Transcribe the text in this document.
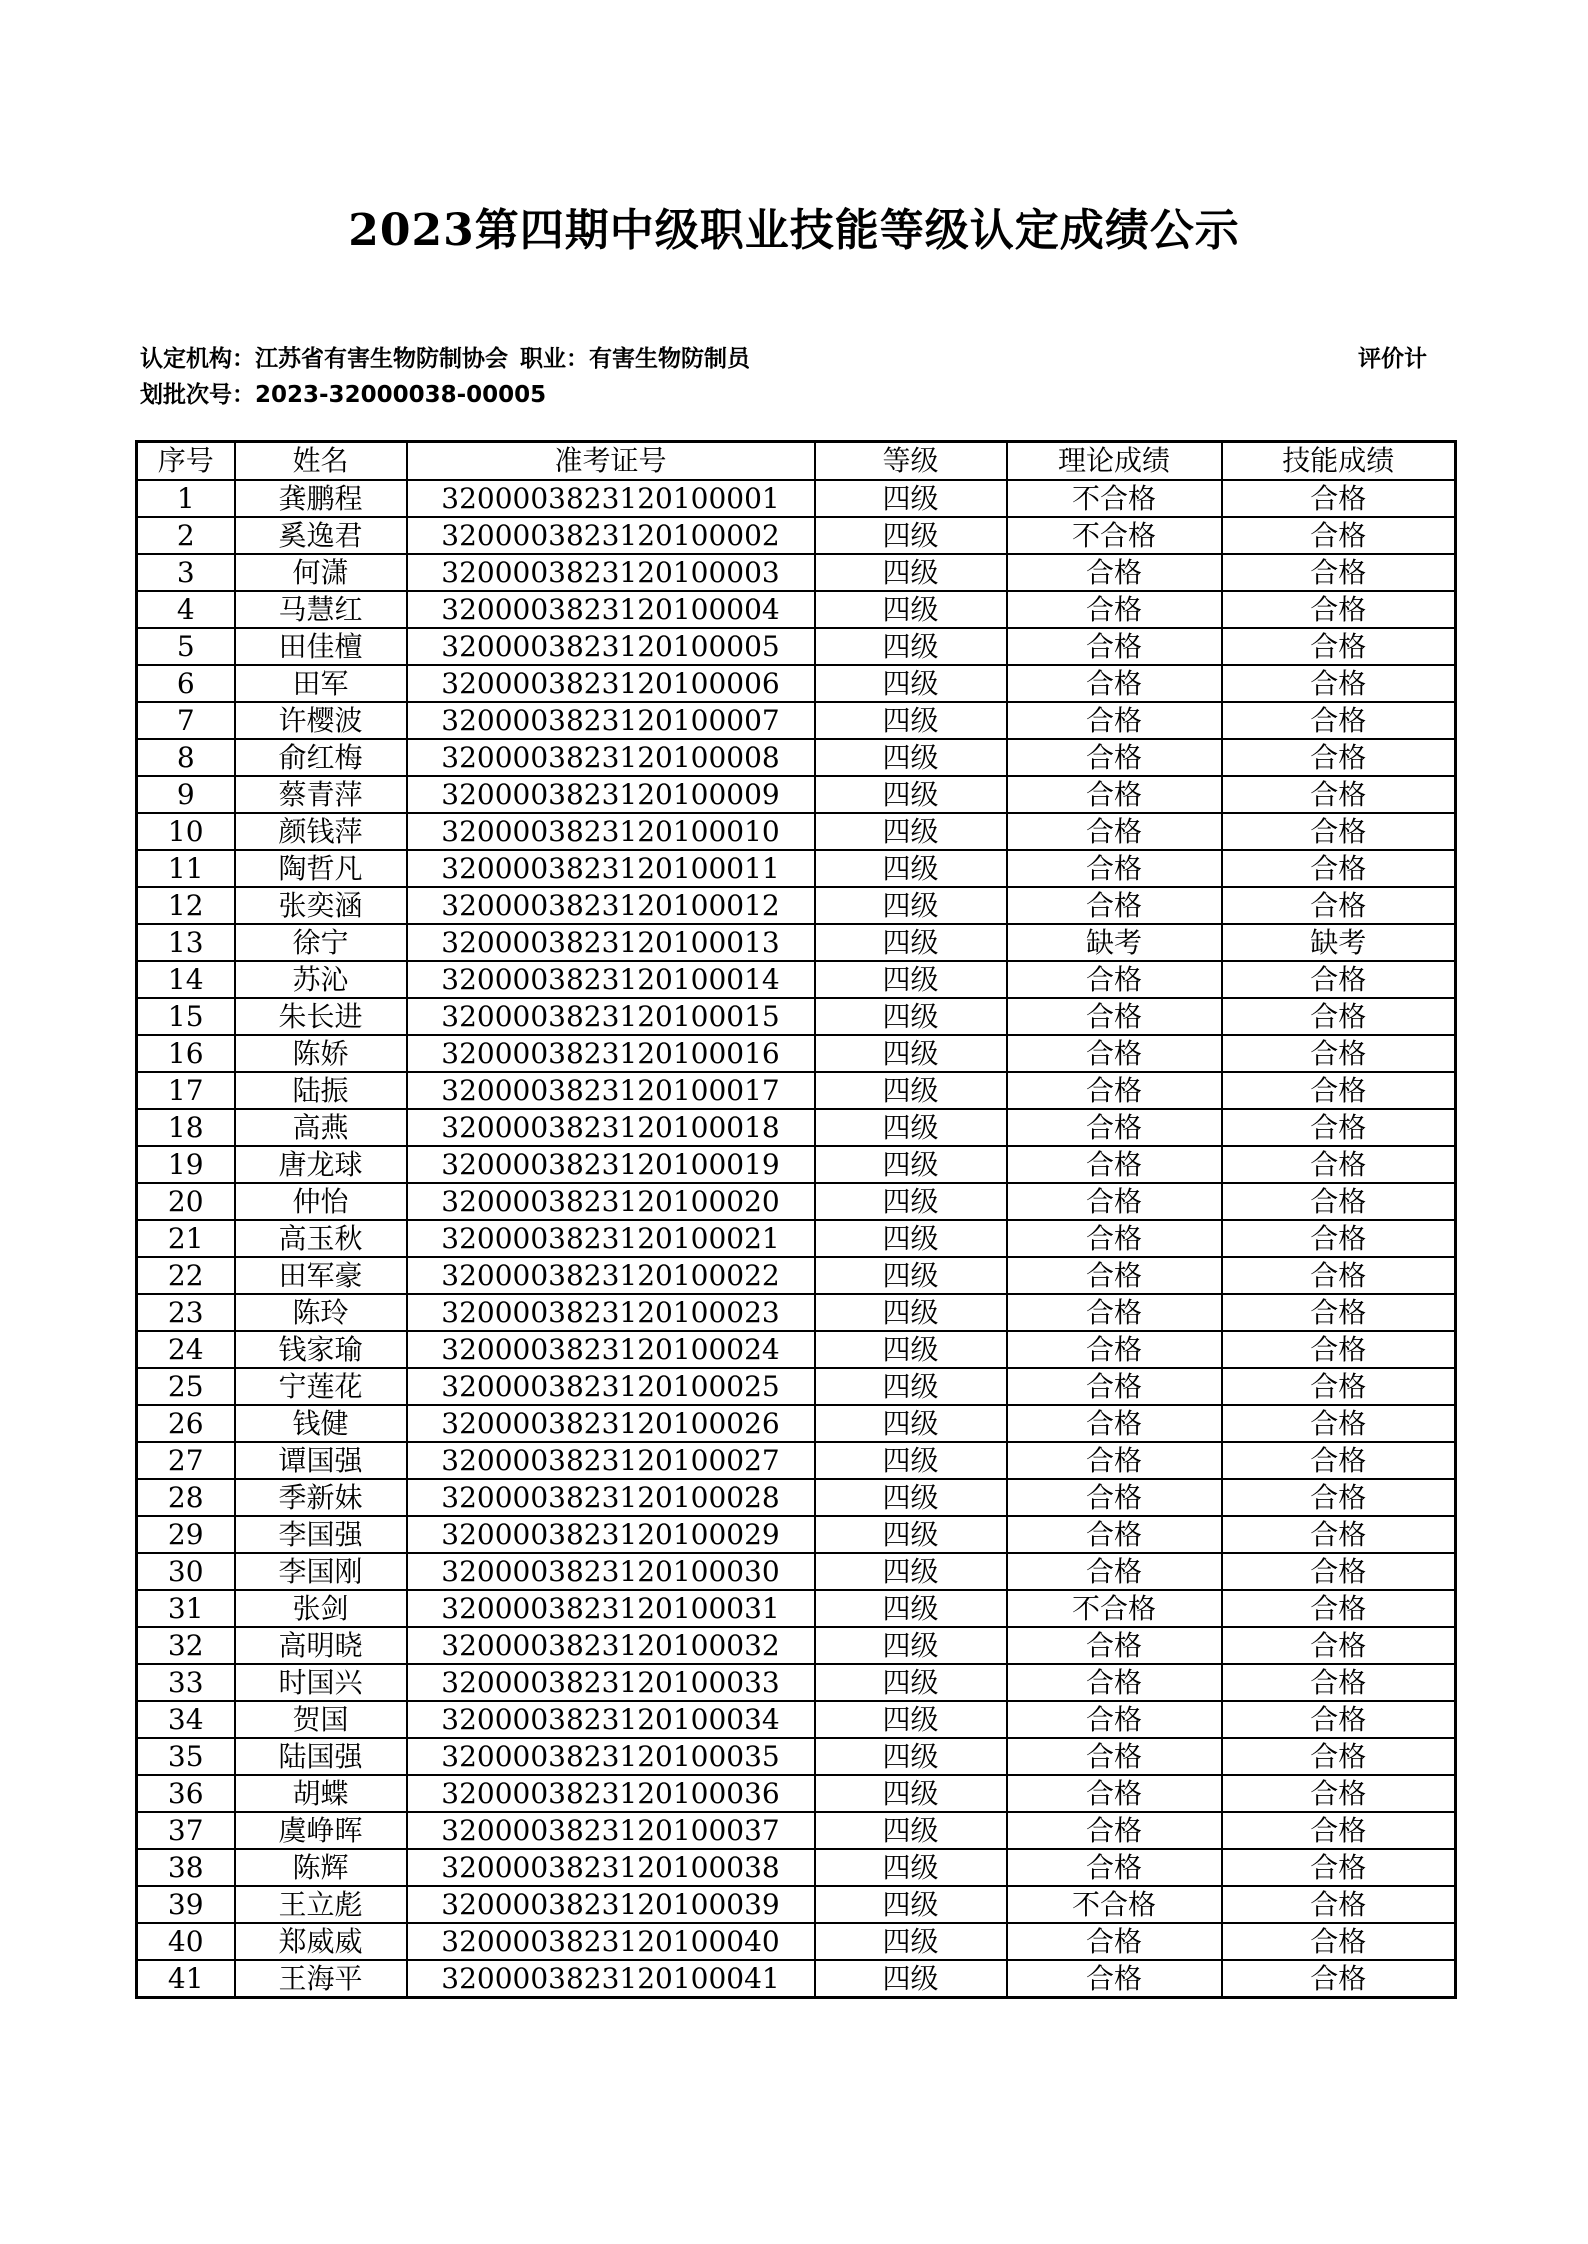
2023第四期中级职业技能等级认定成绩公示
认定机构：江苏省有害生物防制协会 职业：有害生物防制员	评价计
划批次号：2023-32000038-00005
序号	姓名	准考证号	等级	理论成绩	技能成绩
1	龚鹏程	3200003823120100001	四级	不合格	合格
2	奚逸君	3200003823120100002	四级	不合格	合格
3	何潇	3200003823120100003	四级	合格	合格
4	马慧红	3200003823120100004	四级	合格	合格
5	田佳檀	3200003823120100005	四级	合格	合格
6	田军	3200003823120100006	四级	合格	合格
7	许樱波	3200003823120100007	四级	合格	合格
8	俞红梅	3200003823120100008	四级	合格	合格
9	蔡青萍	3200003823120100009	四级	合格	合格
10	颜钱萍	3200003823120100010	四级	合格	合格
11	陶哲凡	3200003823120100011	四级	合格	合格
12	张奕涵	3200003823120100012	四级	合格	合格
13	徐宁	3200003823120100013	四级	缺考	缺考
14	苏沁	3200003823120100014	四级	合格	合格
15	朱长进	3200003823120100015	四级	合格	合格
16	陈娇	3200003823120100016	四级	合格	合格
17	陆振	3200003823120100017	四级	合格	合格
18	高燕	3200003823120100018	四级	合格	合格
19	唐龙球	3200003823120100019	四级	合格	合格
20	仲怡	3200003823120100020	四级	合格	合格
21	高玉秋	3200003823120100021	四级	合格	合格
22	田军豪	3200003823120100022	四级	合格	合格
23	陈玲	3200003823120100023	四级	合格	合格
24	钱家瑜	3200003823120100024	四级	合格	合格
25	宁莲花	3200003823120100025	四级	合格	合格
26	钱健	3200003823120100026	四级	合格	合格
27	谭国强	3200003823120100027	四级	合格	合格
28	季新妹	3200003823120100028	四级	合格	合格
29	李国强	3200003823120100029	四级	合格	合格
30	李国刚	3200003823120100030	四级	合格	合格
31	张剑	3200003823120100031	四级	不合格	合格
32	高明晓	3200003823120100032	四级	合格	合格
33	时国兴	3200003823120100033	四级	合格	合格
34	贺国	3200003823120100034	四级	合格	合格
35	陆国强	3200003823120100035	四级	合格	合格
36	胡蝶	3200003823120100036	四级	合格	合格
37	虞峥晖	3200003823120100037	四级	合格	合格
38	陈辉	3200003823120100038	四级	合格	合格
39	王立彪	3200003823120100039	四级	不合格	合格
40	郑威威	3200003823120100040	四级	合格	合格
41	王海平	3200003823120100041	四级	合格	合格
